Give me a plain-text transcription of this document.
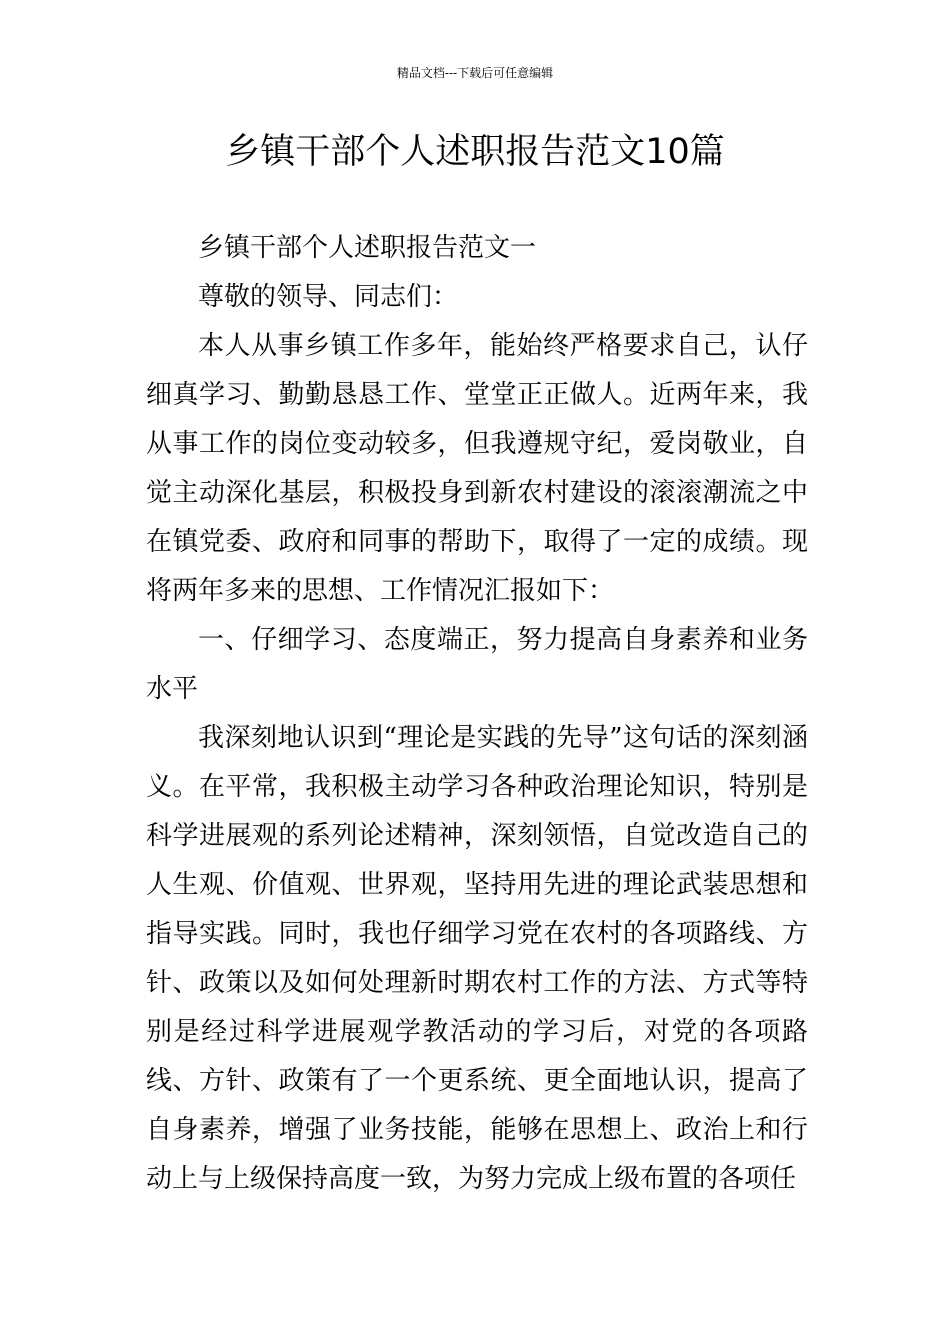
精品文档---下载后可任意编辑
乡镇干部个人述职报告范文10篇

乡镇干部个人述职报告范文一

尊敬的领导、同志们：

本人从事乡镇工作多年，能始终严格要求自己，认仔细真学习、勤勤恳恳工作、堂堂正正做人。近两年来，我从事工作的岗位变动较多，但我遵规守纪，爱岗敬业，自觉主动深化基层，积极投身到新农村建设的滚滚潮流之中在镇党委、政府和同事的帮助下，取得了一定的成绩。现将两年多来的思想、工作情况汇报如下：

一、仔细学习、态度端正，努力提高自身素养和业务水平

我深刻地认识到“理论是实践的先导”这句话的深刻涵义。在平常，我积极主动学习各种政治理论知识，特别是科学进展观的系列论述精神，深刻领悟，自觉改造自己的人生观、价值观、世界观，坚持用先进的理论武装思想和指导实践。同时，我也仔细学习党在农村的各项路线、方针、政策以及如何处理新时期农村工作的方法、方式等特别是经过科学进展观学教活动的学习后，对党的各项路线、方针、政策有了一个更系统、更全面地认识，提高了自身素养，增强了业务技能，能够在思想上、政治上和行动上与上级保持高度一致，为努力完成上级布置的各项任
